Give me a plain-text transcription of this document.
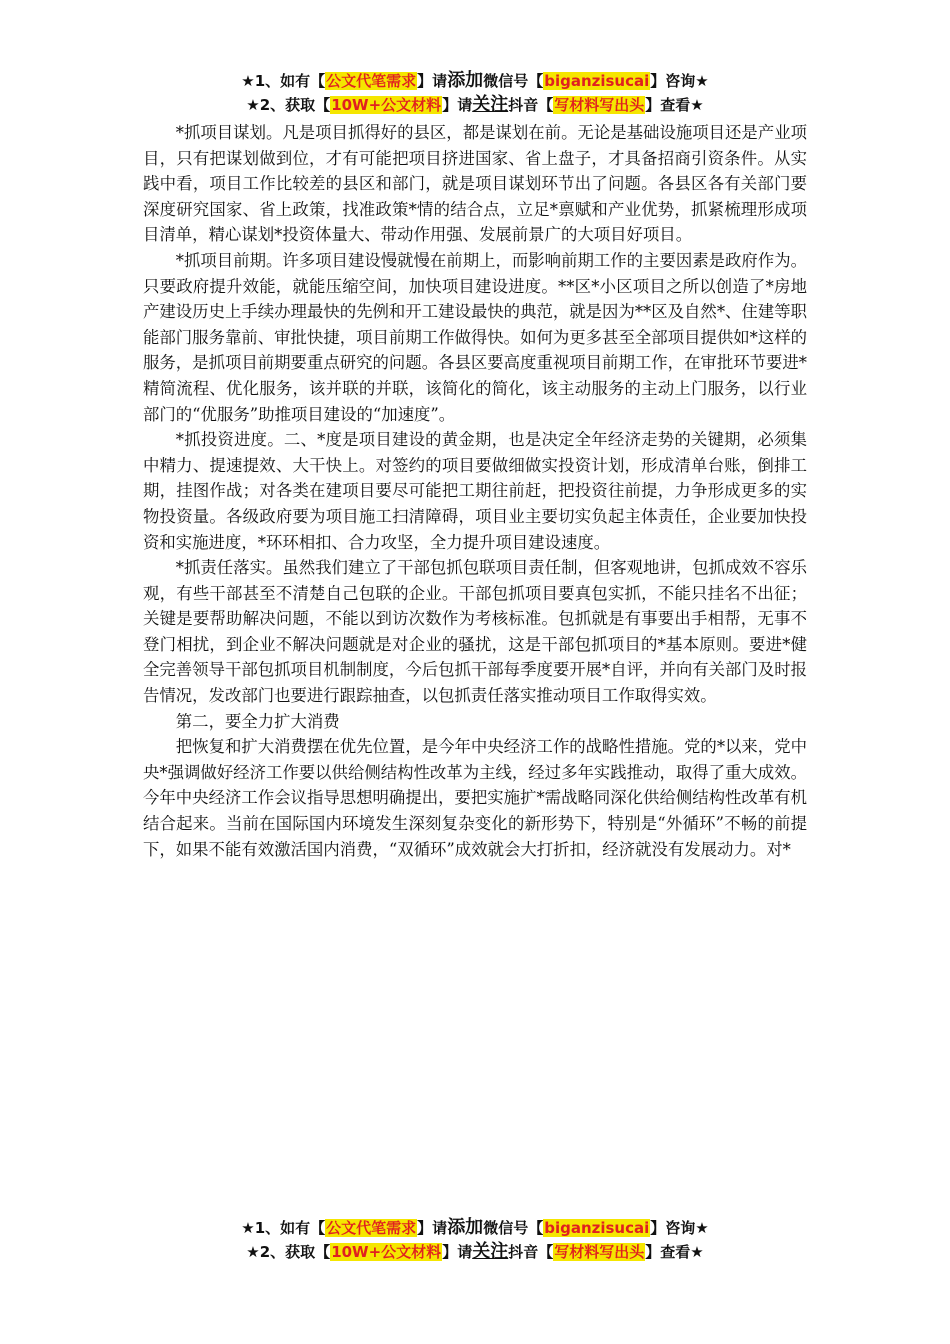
★1、如有【公文代笔需求】请添加微信号【biganzisucai】咨询★
★2、获取【10W+公文材料】请关注抖音【写材料写出头】查看★

*抓项目谋划。凡是项目抓得好的县区，都是谋划在前。无论是基础设施项目还是产业项目，只有把谋划做到位，才有可能把项目挤进国家、省上盘子，才具备招商引资条件。从实践中看，项目工作比较差的县区和部门，就是项目谋划环节出了问题。各县区各有关部门要深度研究国家、省上政策，找准政策*情的结合点，立足*禀赋和产业优势，抓紧梳理形成项目清单，精心谋划*投资体量大、带动作用强、发展前景广的大项目好项目。

*抓项目前期。许多项目建设慢就慢在前期上，而影响前期工作的主要因素是政府作为。只要政府提升效能，就能压缩空间，加快项目建设进度。**区*小区项目之所以创造了*房地产建设历史上手续办理最快的先例和开工建设最快的典范，就是因为**区及自然*、住建等职能部门服务靠前、审批快捷，项目前期工作做得快。如何为更多甚至全部项目提供如*这样的服务，是抓项目前期要重点研究的问题。各县区要高度重视项目前期工作，在审批环节要进*精简流程、优化服务，该并联的并联，该简化的简化，该主动服务的主动上门服务，以行业部门的“优服务”助推项目建设的“加速度”。

*抓投资进度。二、*度是项目建设的黄金期，也是决定全年经济走势的关键期，必须集中精力、提速提效、大干快上。对签约的项目要做细做实投资计划，形成清单台账，倒排工期，挂图作战；对各类在建项目要尽可能把工期往前赶，把投资往前提，力争形成更多的实物投资量。各级政府要为项目施工扫清障碍，项目业主要切实负起主体责任，企业要加快投资和实施进度，*环环相扣、合力攻坚，全力提升项目建设速度。

*抓责任落实。虽然我们建立了干部包抓包联项目责任制，但客观地讲，包抓成效不容乐观，有些干部甚至不清楚自己包联的企业。干部包抓项目要真包实抓，不能只挂名不出征；关键是要帮助解决问题，不能以到访次数作为考核标准。包抓就是有事要出手相帮，无事不登门相扰，到企业不解决问题就是对企业的骚扰，这是干部包抓项目的*基本原则。要进*健全完善领导干部包抓项目机制制度，今后包抓干部每季度要开展*自评，并向有关部门及时报告情况，发改部门也要进行跟踪抽查，以包抓责任落实推动项目工作取得实效。

第二，要全力扩大消费

把恢复和扩大消费摆在优先位置，是今年中央经济工作的战略性措施。党的*以来，党中央*强调做好经济工作要以供给侧结构性改革为主线，经过多年实践推动，取得了重大成效。今年中央经济工作会议指导思想明确提出，要把实施扩*需战略同深化供给侧结构性改革有机结合起来。当前在国际国内环境发生深刻复杂变化的新形势下，特别是“外循环”不畅的前提下，如果不能有效激活国内消费，“双循环”成效就会大打折扣，经济就没有发展动力。对*

★1、如有【公文代笔需求】请添加微信号【biganzisucai】咨询★
★2、获取【10W+公文材料】请关注抖音【写材料写出头】查看★
